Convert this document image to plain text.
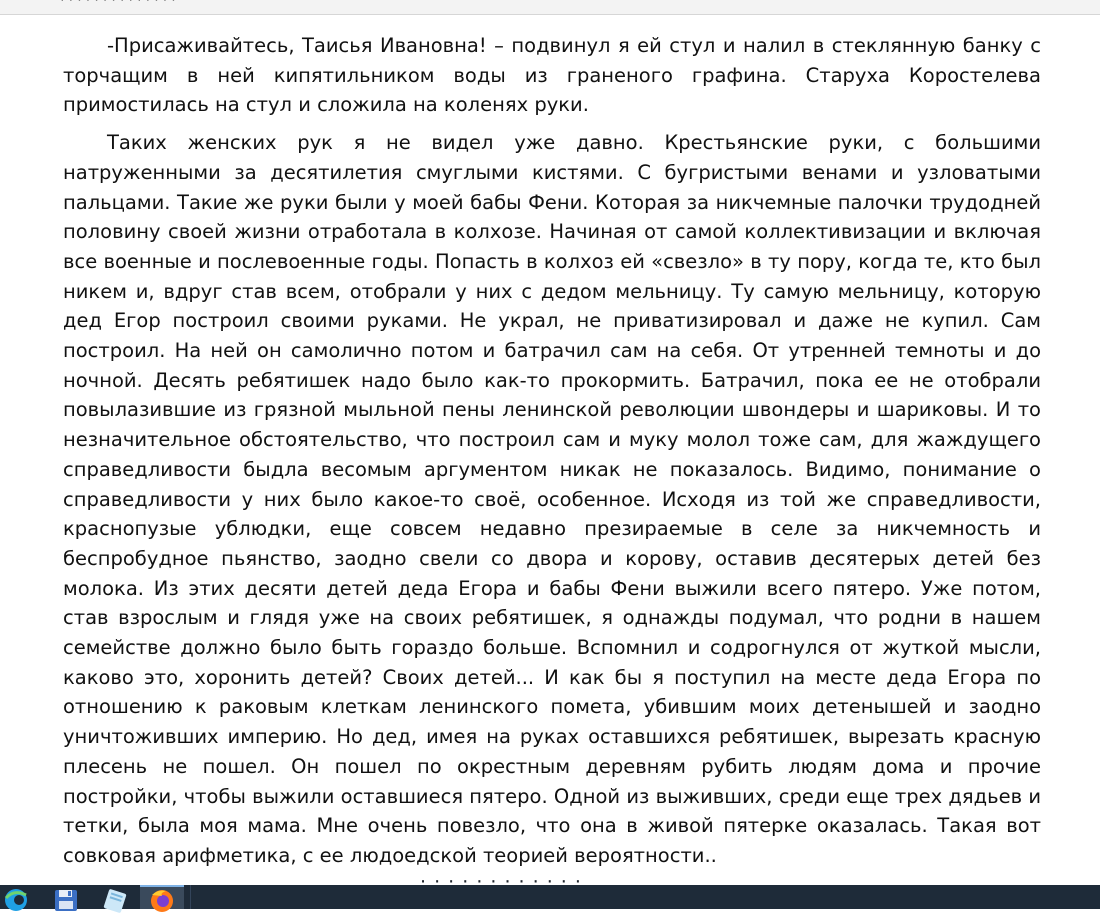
-Присаживайтесь, Таисья Ивановна! – подвинул я ей стул и налил в стеклянную банку с торчащим в ней кипятильником воды из граненого графина. Старуха Коростелева примостилась на стул и сложила на коленях руки.

Таких женских рук я не видел уже давно. Крестьянские руки, с большими натруженными за десятилетия смуглыми кистями. С бугристыми венами и узловатыми пальцами. Такие же руки были у моей бабы Фени. Которая за никчемные палочки трудодней половину своей жизни отработала в колхозе. Начиная от самой коллективизации и включая все военные и послевоенные годы. Попасть в колхоз ей «свезло» в ту пору, когда те, кто был никем и, вдруг став всем, отобрали у них с дедом мельницу. Ту самую мельницу, которую дед Егор построил своими руками. Не украл, не приватизировал и даже не купил. Сам построил. На ней он самолично потом и батрачил сам на себя. От утренней темноты и до ночной. Десять ребятишек надо было как-то прокормить. Батрачил, пока ее не отобрали повылазившие из грязной мыльной пены ленинской революции швондеры и шариковы. И то незначительное обстоятельство, что построил сам и муку молол тоже сам, для жаждущего справедливости быдла весомым аргументом никак не показалось. Видимо, понимание о справедливости у них было какое-то своё, особенное. Исходя из той же справедливости, краснопузые ублюдки, еще совсем недавно презираемые в селе за никчемность и беспробудное пьянство, заодно свели со двора и корову, оставив десятерых детей без молока. Из этих десяти детей деда Егора и бабы Фени выжили всего пятеро. Уже потом, став взрослым и глядя уже на своих ребятишек, я однажды подумал, что родни в нашем семействе должно было быть гораздо больше. Вспомнил и содрогнулся от жуткой мысли, каково это, хоронить детей? Своих детей... И как бы я поступил на месте деда Егора по отношению к раковым клеткам ленинского помета, убившим моих детенышей и заодно уничтоживших империю. Но дед, имея на руках оставшихся ребятишек, вырезать красную плесень не пошел. Он пошел по окрестным деревням рубить людям дома и прочие постройки, чтобы выжили оставшиеся пятеро. Одной из выживших, среди еще трех дядьев и тетки, была моя мама. Мне очень повезло, что она в живой пятерке оказалась. Такая вот совковая арифметика, с ее людоедской теорией вероятности..

· · · · · · · · · · · ·
